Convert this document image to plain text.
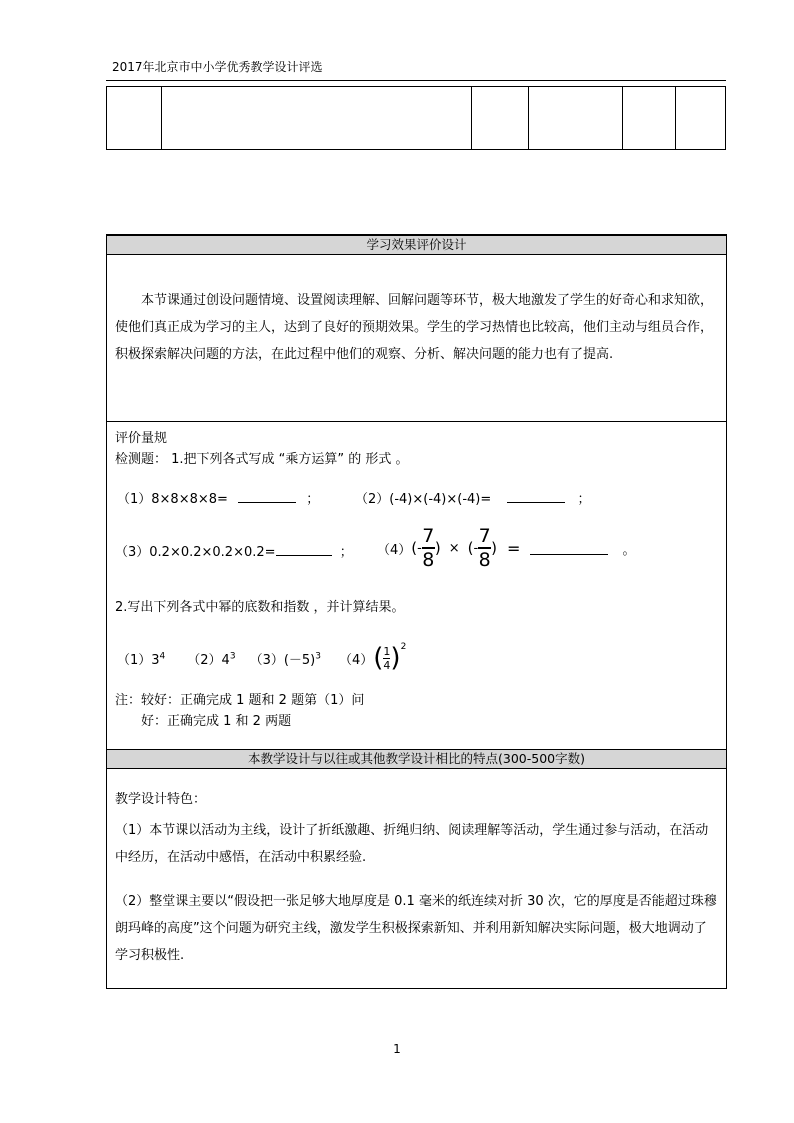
2017年北京市中小学优秀教学设计评选

学习效果评价设计
本节课通过创设问题情境、设置阅读理解、回解问题等环节，极大地激发了学生的好奇心和求知欲，使他们真正成为学习的主人，达到了良好的预期效果。学生的学习热情也比较高，他们主动与组员合作，积极探索解决问题的方法，在此过程中他们的观察、分析、解决问题的能力也有了提高.
评价量规
检测题： 1.把下列各式写成 “乘方运算” 的 形式 。
（1）8×8×8×8=	；	（2）(-4)×(-4)×(-4)=	；
（3）0.2×0.2×0.2×0.2=	； （4） ( - $\frac{7}{8}$ ) × ( - $\frac{7}{8}$ ) =	。
2.写出下列各式中幂的底数和指数 ，并计算结果。
$(1)3^4$ $(2)4^3$ $(3)(-5)^3$ （4） ( 1
4 )$^2$
注：较好：正确完成 1 题和 2 题第（1）问
好：正确完成 1 和 2 两题
本教学设计与以往或其他教学设计相比的特点(300-500字数)
教学设计特色：
（1）本节课以活动为主线，设计了折纸激趣、折绳归纳、阅读理解等活动，学生通过参与活动，在活动中经历，在活动中感悟，在活动中积累经验.
（2）整堂课主要以“假设把一张足够大地厚度是 0.1 毫米的纸连续对折 30 次，它的厚度是否能超过珠穆朗玛峰的高度”这个问题为研究主线，激发学生积极探索新知、并利用新知解决实际问题，极大地调动了学习积极性.
1
